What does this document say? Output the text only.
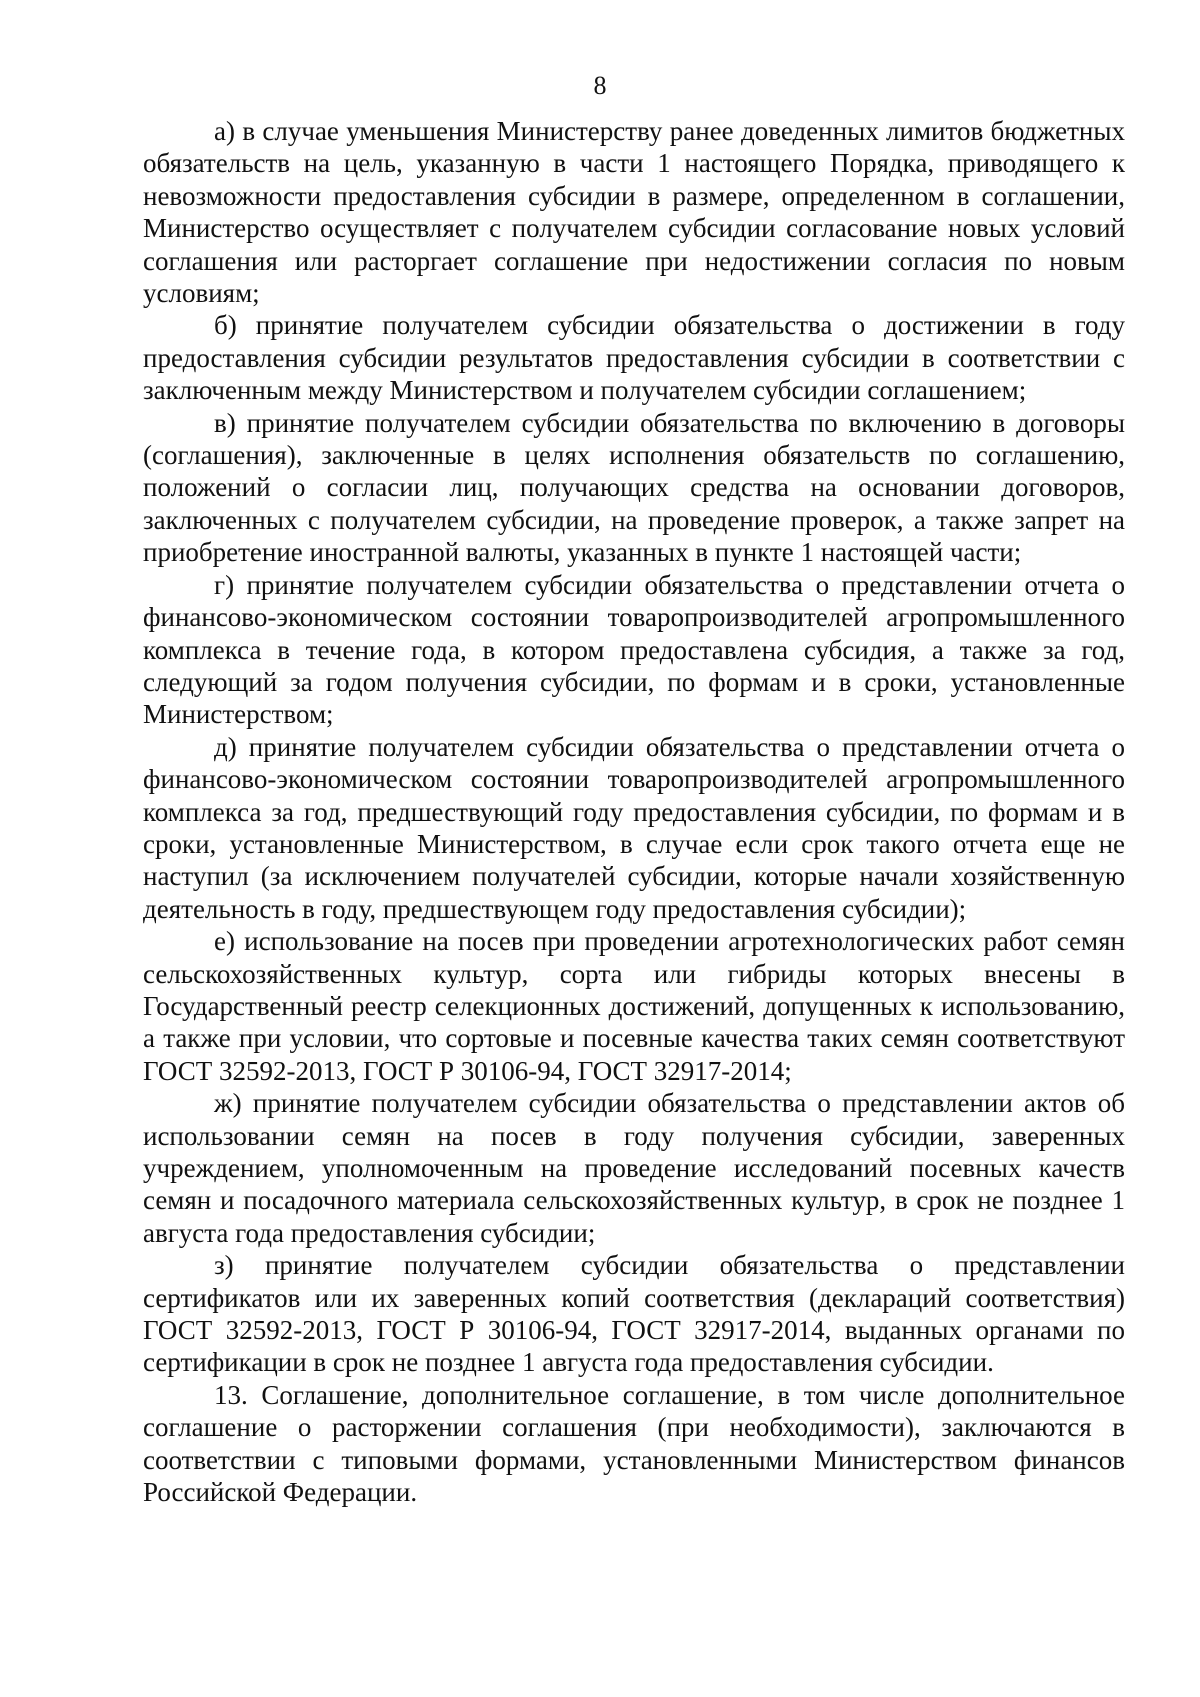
8

а) в случае уменьшения Министерству ранее доведенных лимитов бюджетных обязательств на цель, указанную в части 1 настоящего Порядка, приводящего к невозможности предоставления субсидии в размере, определенном в соглашении, Министерство осуществляет с получателем субсидии согласование новых условий соглашения или расторгает соглашение при недостижении согласия по новым условиям;

б) принятие получателем субсидии обязательства о достижении в году предоставления субсидии результатов предоставления субсидии в соответствии с заключенным между Министерством и получателем субсидии соглашением;

в) принятие получателем субсидии обязательства по включению в договоры (соглашения), заключенные в целях исполнения обязательств по соглашению, положений о согласии лиц, получающих средства на основании договоров, заключенных с получателем субсидии, на проведение проверок, а также запрет на приобретение иностранной валюты, указанных в пункте 1 настоящей части;

г) принятие получателем субсидии обязательства о представлении отчета о финансово-экономическом состоянии товаропроизводителей агропромышленного комплекса в течение года, в котором предоставлена субсидия, а также за год, следующий за годом получения субсидии, по формам и в сроки, установленные Министерством;

д) принятие получателем субсидии обязательства о представлении отчета о финансово-экономическом состоянии товаропроизводителей агропромышленного комплекса за год, предшествующий году предоставления субсидии, по формам и в сроки, установленные Министерством, в случае если срок такого отчета еще не наступил (за исключением получателей субсидии, которые начали хозяйственную деятельность в году, предшествующем году предоставления субсидии);

е) использование на посев при проведении агротехнологических работ семян сельскохозяйственных культур, сорта или гибриды которых внесены в Государственный реестр селекционных достижений, допущенных к использованию, а также при условии, что сортовые и посевные качества таких семян соответствуют ГОСТ 32592-2013, ГОСТ Р 30106-94, ГОСТ 32917-2014;

ж) принятие получателем субсидии обязательства о представлении актов об использовании семян на посев в году получения субсидии, заверенных учреждением, уполномоченным на проведение исследований посевных качеств семян и посадочного материала сельскохозяйственных культур, в срок не позднее 1 августа года предоставления субсидии;

з) принятие получателем субсидии обязательства о представлении сертификатов или их заверенных копий соответствия (деклараций соответствия) ГОСТ 32592-2013, ГОСТ Р 30106-94, ГОСТ 32917-2014, выданных органами по сертификации в срок не позднее 1 августа года предоставления субсидии.

13. Соглашение, дополнительное соглашение, в том числе дополнительное соглашение о расторжении соглашения (при необходимости), заключаются в соответствии с типовыми формами, установленными Министерством финансов Российской Федерации.
